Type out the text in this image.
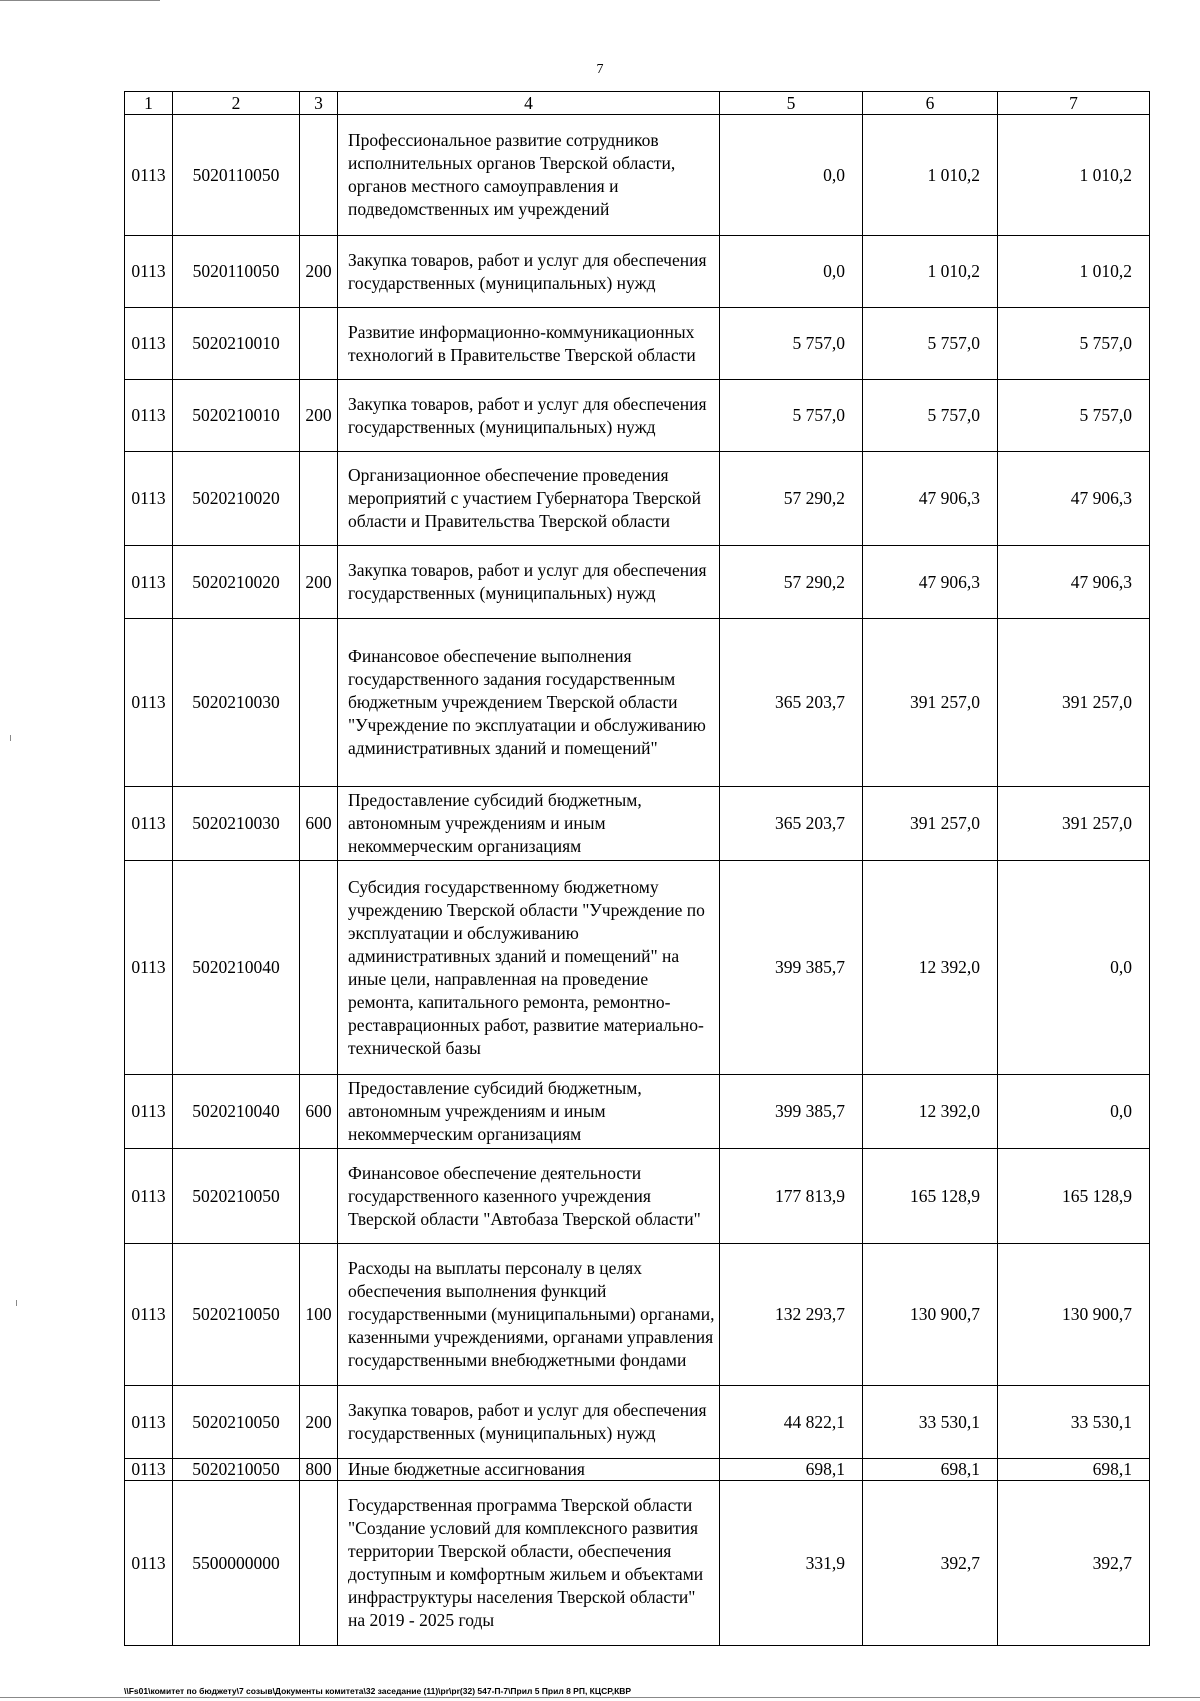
7
1	2	3	4	5	6	7
0113	5020110050		Профессиональное развитие сотрудников исполнительных органов Тверской области, органов местного самоуправления и подведомственных им учреждений	0,0	1 010,2	1 010,2
0113	5020110050	200	Закупка товаров, работ и услуг для обеспечения государственных (муниципальных) нужд	0,0	1 010,2	1 010,2
0113	5020210010		Развитие информационно-коммуникационных технологий в Правительстве Тверской области	5 757,0	5 757,0	5 757,0
0113	5020210010	200	Закупка товаров, работ и услуг для обеспечения государственных (муниципальных) нужд	5 757,0	5 757,0	5 757,0
0113	5020210020		Организационное обеспечение проведения мероприятий с участием Губернатора Тверской области и Правительства Тверской области	57 290,2	47 906,3	47 906,3
0113	5020210020	200	Закупка товаров, работ и услуг для обеспечения государственных (муниципальных) нужд	57 290,2	47 906,3	47 906,3
0113	5020210030		Финансовое обеспечение выполнения государственного задания государственным бюджетным учреждением Тверской области "Учреждение по эксплуатации и обслуживанию административных зданий и помещений"	365 203,7	391 257,0	391 257,0
0113	5020210030	600	Предоставление субсидий бюджетным, автономным учреждениям и иным некоммерческим организациям	365 203,7	391 257,0	391 257,0
0113	5020210040		Субсидия государственному бюджетному учреждению Тверской области "Учреждение по эксплуатации и обслуживанию административных зданий и помещений" на иные цели, направленная на проведение ремонта, капитального ремонта, ремонтно-реставрационных работ, развитие материально-технической базы	399 385,7	12 392,0	0,0
0113	5020210040	600	Предоставление субсидий бюджетным, автономным учреждениям и иным некоммерческим организациям	399 385,7	12 392,0	0,0
0113	5020210050		Финансовое обеспечение деятельности государственного казенного учреждения Тверской области "Автобаза Тверской области"	177 813,9	165 128,9	165 128,9
0113	5020210050	100	Расходы на выплаты персоналу в целях обеспечения выполнения функций государственными (муниципальными) органами, казенными учреждениями, органами управления государственными внебюджетными фондами	132 293,7	130 900,7	130 900,7
0113	5020210050	200	Закупка товаров, работ и услуг для обеспечения государственных (муниципальных) нужд	44 822,1	33 530,1	33 530,1
0113	5020210050	800	Иные бюджетные ассигнования	698,1	698,1	698,1
0113	5500000000		Государственная программа Тверской области "Создание условий для комплексного развития территории Тверской области, обеспечения доступным и комфортным жильем и объектами инфраструктуры населения Тверской области" на 2019 - 2025 годы	331,9	392,7	392,7
\\Fs01\комитет по бюджету\7 созыв\Документы комитета\32 заседание (11)\pr\pr(32) 547-П-7\Прил 5 Прил 8 РП, КЦСР,КВР
